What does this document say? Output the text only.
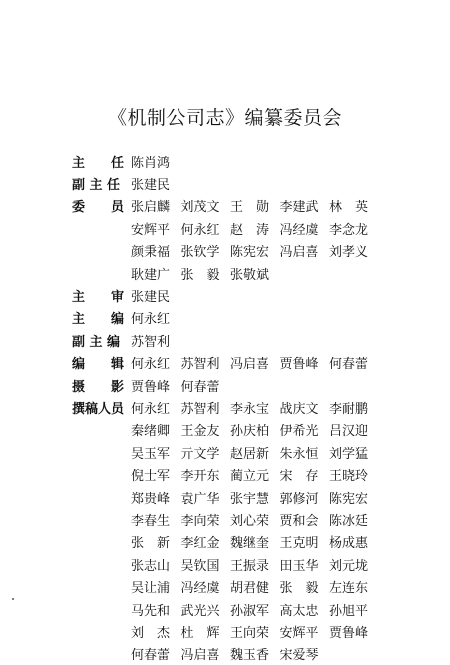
《机制公司志》编纂委员会
主　　任 陈肖鸿
副 主 任 张建民
委　　员 张启麟 刘茂文 王　勋 李建武 林　英
安辉平 何永红 赵　涛 冯经虞 李念龙
颜秉福 张钦学 陈宪宏 冯启喜 刘孝义
耿建广 张　毅 张敬斌
主　　审 张建民
主　　编 何永红
副 主 编 苏智利
编　　辑 何永红 苏智利 冯启喜 贾鲁峰 何春蕾
摄　　影 贾鲁峰 何春蕾
撰稿人员 何永红 苏智利 李永宝 战庆文 李耐鹏
秦绪卿 王金友 孙庆柏 伊希光 吕汉迎
吴玉军 亓文学 赵居新 朱永恒 刘学猛
倪士军 李开东 蔺立元 宋　存 王晓玲
郑贵峰 袁广华 张宇慧 郭修河 陈宪宏
李春生 李向荣 刘心荣 贾和会 陈冰廷
张　新 李红金 魏继奎 王克明 杨成惠
张志山 吴钦国 王振录 田玉华 刘元垅
吴让浦 冯经虞 胡君健 张　毅 左连东
马先和 武光兴 孙淑军 高太忠 孙旭平
刘　杰 杜　辉 王向荣 安辉平 贾鲁峰
何春蕾 冯启喜 魏玉香 宋爱琴
